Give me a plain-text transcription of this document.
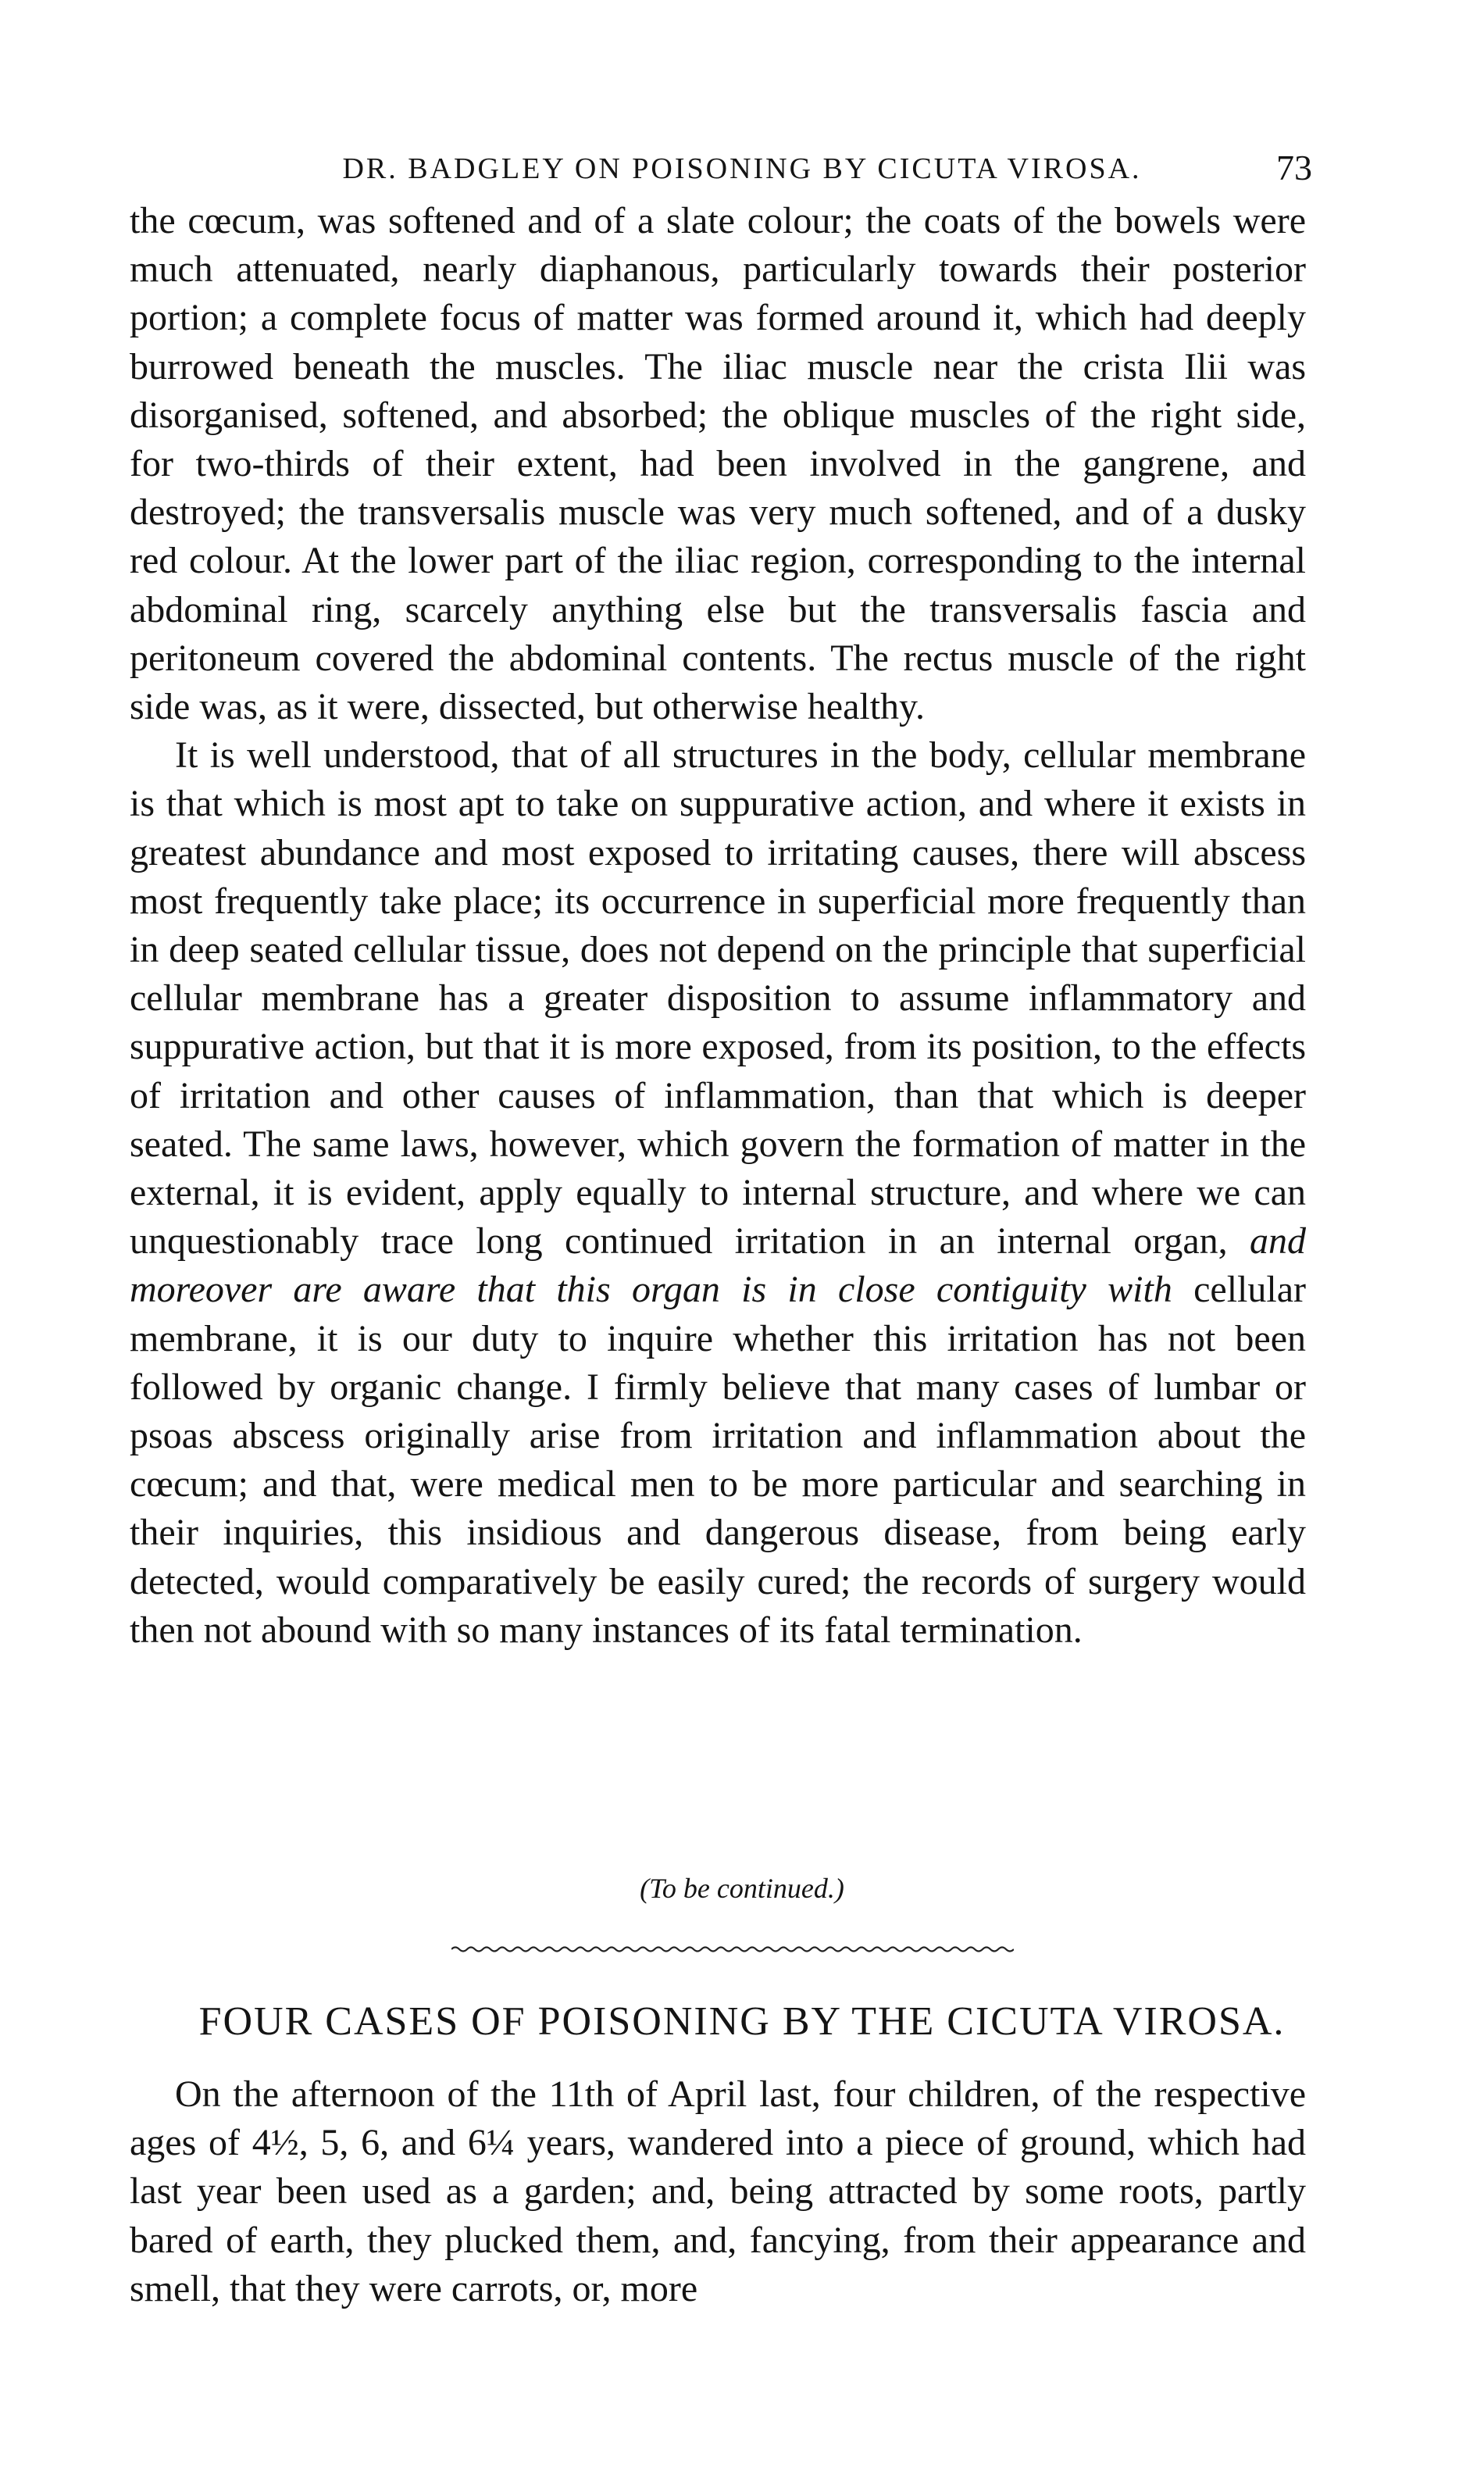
DR. BADGLEY ON POISONING BY CICUTA VIROSA.	73

the cœcum, was softened and of a slate colour; the coats of the bowels were much attenuated, nearly diaphanous, particularly towards their posterior portion; a complete focus of matter was formed around it, which had deeply burrowed beneath the muscles. The iliac muscle near the crista Ilii was disorganised, softened, and absorbed; the oblique muscles of the right side, for two-thirds of their extent, had been involved in the gangrene, and destroyed; the transversalis muscle was very much softened, and of a dusky red colour. At the lower part of the iliac region, corresponding to the internal abdominal ring, scarcely anything else but the transversalis fascia and peritoneum covered the abdominal contents. The rectus muscle of the right side was, as it were, dissected, but otherwise healthy.

It is well understood, that of all structures in the body, cellular membrane is that which is most apt to take on suppurative action, and where it exists in greatest abundance and most exposed to irritating causes, there will abscess most frequently take place; its occurrence in superficial more frequently than in deep seated cellular tissue, does not depend on the principle that superficial cellular membrane has a greater disposition to assume inflammatory and suppurative action, but that it is more exposed, from its position, to the effects of irritation and other causes of inflammation, than that which is deeper seated. The same laws, however, which govern the formation of matter in the external, it is evident, apply equally to internal structure, and where we can unquestionably trace long continued irritation in an internal organ, and moreover are aware that this organ is in close contiguity with cellular membrane, it is our duty to inquire whether this irritation has not been followed by organic change. I firmly believe that many cases of lumbar or psoas abscess originally arise from irritation and inflammation about the cœcum; and that, were medical men to be more particular and searching in their inquiries, this insidious and dangerous disease, from being early detected, would comparatively be easily cured; the records of surgery would then not abound with so many instances of its fatal termination.

(To be continued.)
FOUR CASES OF POISONING BY THE CICUTA VIROSA.

On the afternoon of the 11th of April last, four children, of the respective ages of 4½, 5, 6, and 6¼ years, wandered into a piece of ground, which had last year been used as a garden; and, being attracted by some roots, partly bared of earth, they plucked them, and, fancying, from their appearance and smell, that they were carrots, or, more
